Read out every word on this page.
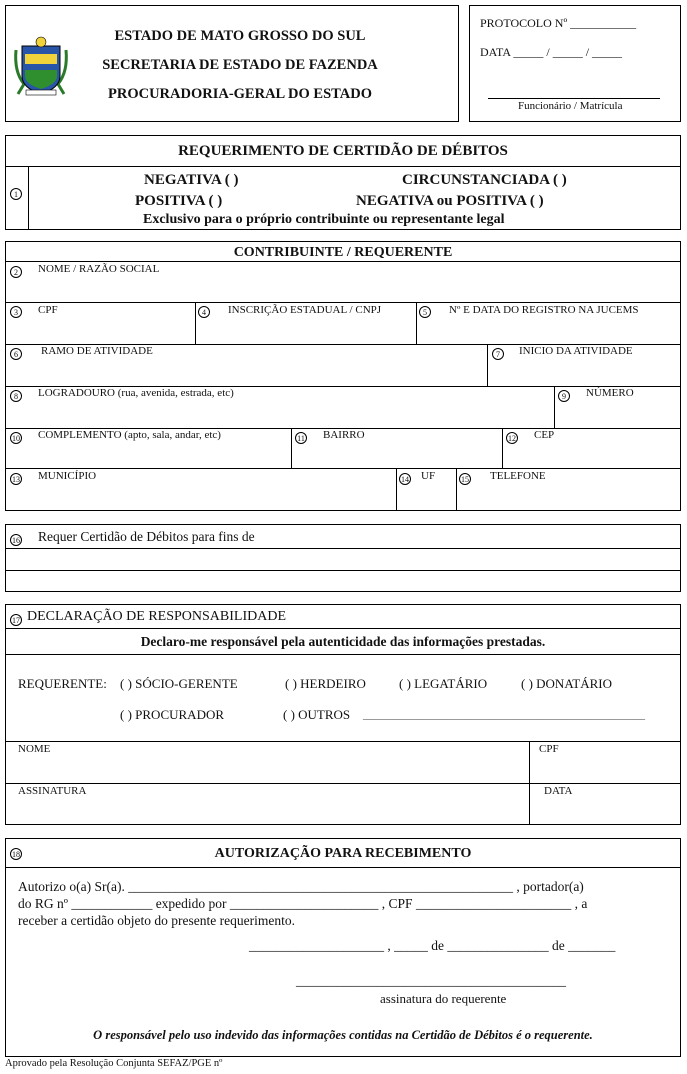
ESTADO DE MATO GROSSO DO SUL
SECRETARIA DE ESTADO DE FAZENDA
PROCURADORIA-GERAL DO ESTADO
PROTOCOLO Nº ___________
DATA _____ / _____ / _____
Funcionário / Matrícula
REQUERIMENTO DE CERTIDÃO DE DÉBITOS
1
NEGATIVA ( )	CIRCUNSTANCIADA ( )
POSITIVA ( )	NEGATIVA ou POSITIVA ( )
Exclusivo para o próprio contribuinte ou representante legal
CONTRIBUINTE / REQUERENTE
2	NOME / RAZÃO SOCIAL
3	CPF	4	INSCRIÇÃO ESTADUAL / CNPJ	5	Nº E DATA DO REGISTRO NA JUCEMS
6	RAMO DE ATIVIDADE	7	INICIO DA ATIVIDADE
8	LOGRADOURO (rua, avenida, estrada, etc)	9	NÚMERO
10 COMPLEMENTO (apto, sala, andar, etc)	11 BAIRRO	12 CEP
13 MUNICÍPIO	14 UF	15 TELEFONE
16 Requer Certidão de Débitos para fins de
17 DECLARAÇÃO DE RESPONSABILIDADE
Declaro-me responsável pela autenticidade das informações prestadas.
REQUERENTE: ( ) SÓCIO-GERENTE	( ) HERDEIRO	( ) LEGATÁRIO	( ) DONATÁRIO
( ) PROCURADOR	( ) OUTROS _______________________________________________
NOME	CPF
ASSINATURA	DATA
18	AUTORIZAÇÃO PARA RECEBIMENTO
Autorizo o(a) Sr(a). _________________________________________________________ , portador(a)
do RG nº ____________ expedido por ______________________ , CPF _______________________ , a
receber a certidão objeto do presente requerimento.
____________________ , _____ de _______________ de _______
________________________________________
assinatura do requerente
O responsável pelo uso indevido das informações contidas na Certidão de Débitos é o requerente.
Aprovado pela Resolução Conjunta SEFAZ/PGE nº
